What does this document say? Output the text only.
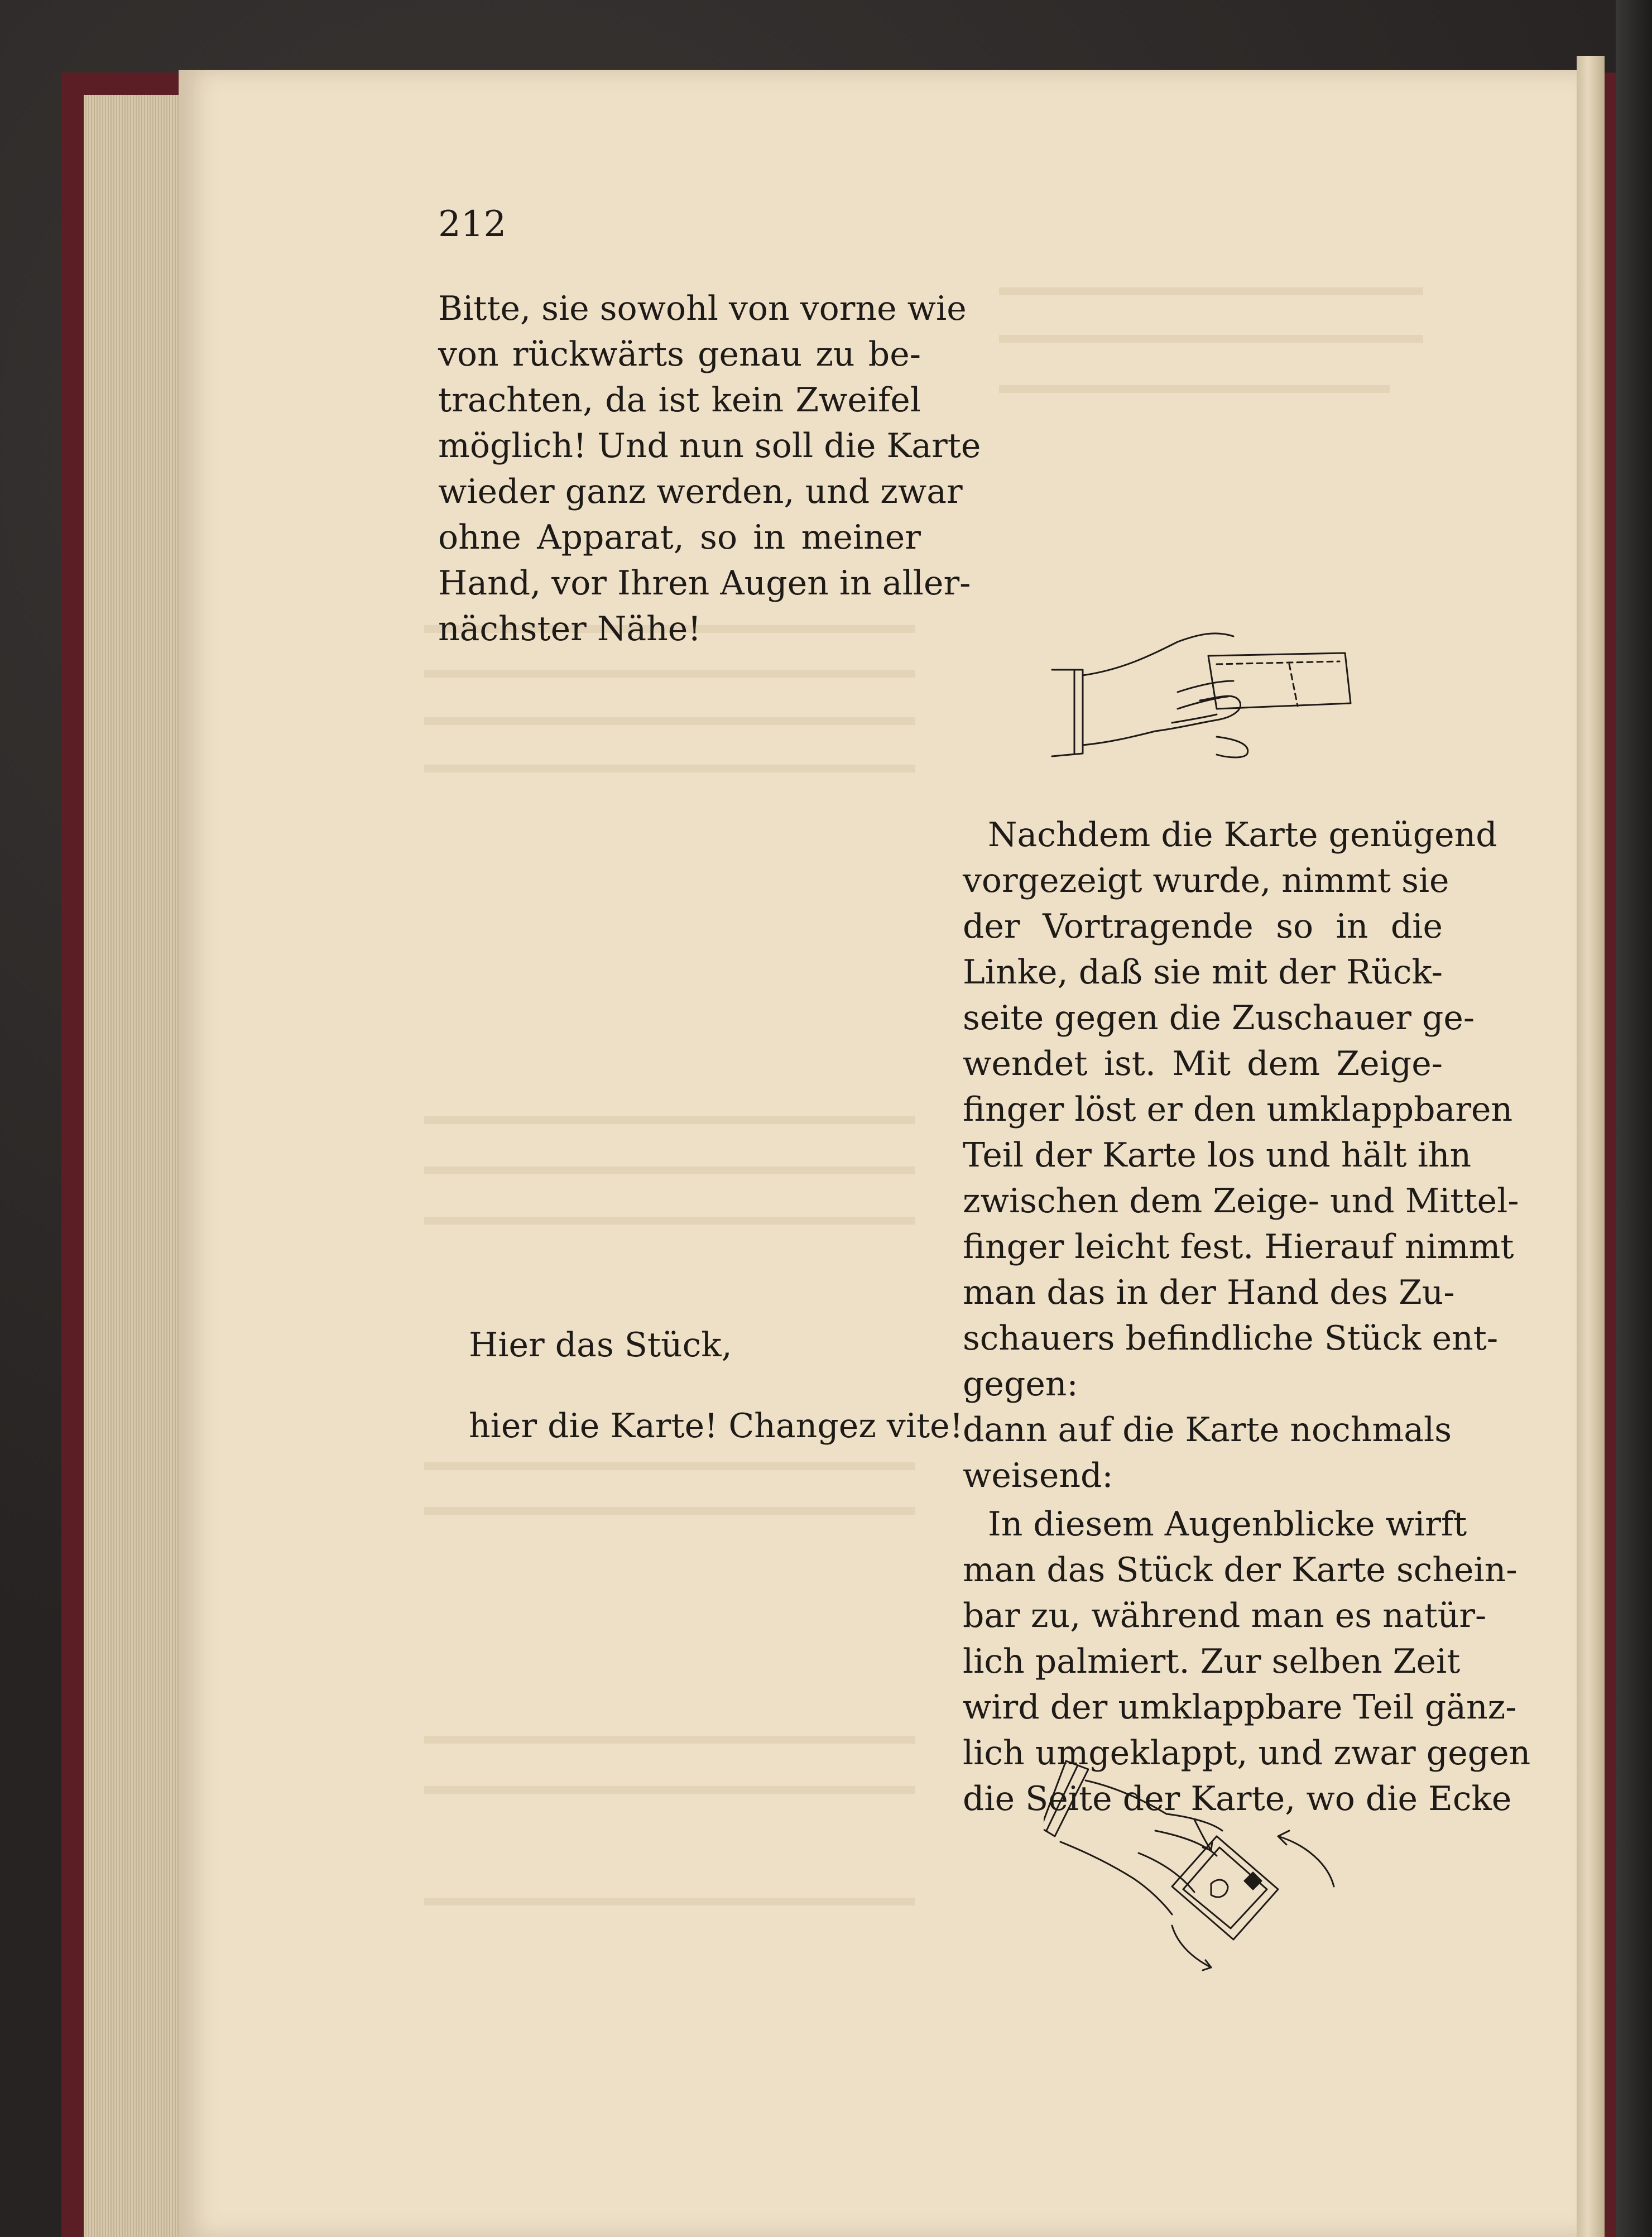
212
Bitte, sie sowohl von vorne wie
von rückwärts genau zu be-
trachten, da ist kein Zweifel
möglich! Und nun soll die Karte
wieder ganz werden, und zwar
ohne Apparat, so in meiner
Hand, vor Ihren Augen in aller-
nächster Nähe!
Hier das Stück,
hier die Karte! Changez vite!
Nachdem die Karte genügend
vorgezeigt wurde, nimmt sie
der Vortragende so in die
Linke, daß sie mit der Rück-
seite gegen die Zuschauer ge-
wendet ist. Mit dem Zeige-
finger löst er den umklappbaren
Teil der Karte los und hält ihn
zwischen dem Zeige- und Mittel-
finger leicht fest. Hierauf nimmt
man das in der Hand des Zu-
schauers befindliche Stück ent-
gegen:
dann auf die Karte nochmals
weisend:
In diesem Augenblicke wirft
man das Stück der Karte schein-
bar zu, während man es natür-
lich palmiert. Zur selben Zeit
wird der umklappbare Teil gänz-
lich umgeklappt, und zwar gegen
die Seite der Karte, wo die Ecke
